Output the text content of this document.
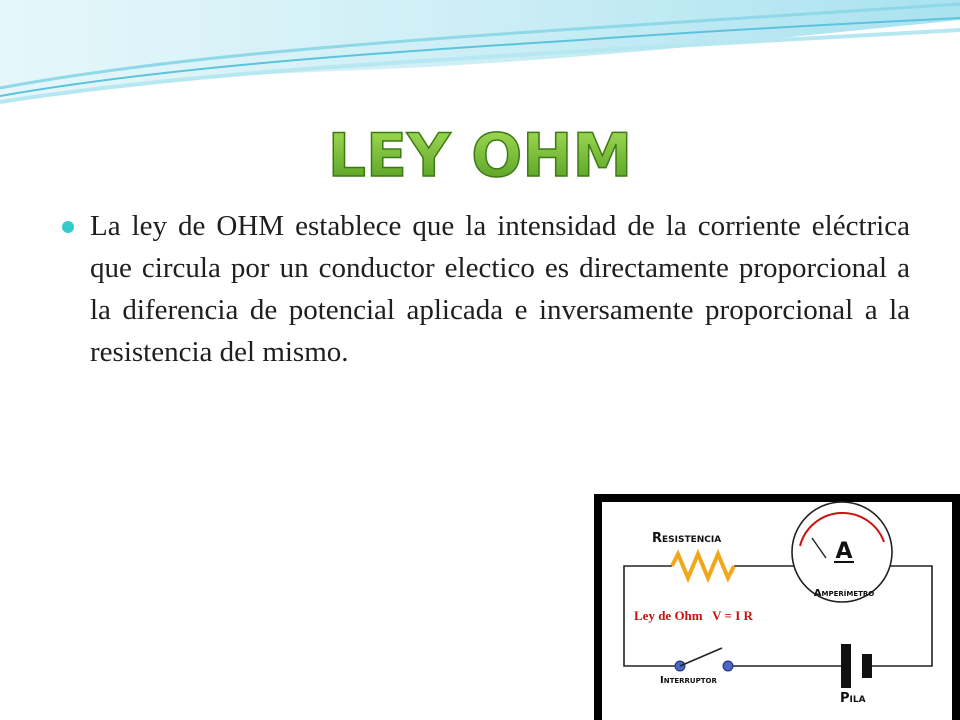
LEY OHM
La ley de OHM establece que la intensidad de la corriente eléctrica que circula por un conductor electico es directamente proporcional a la diferencia de potencial aplicada e inversamente proporcional a la resistencia del mismo.
Resistencia
A
Amperímetro
Ley de Ohm   V = I R
Interruptor
Pila
